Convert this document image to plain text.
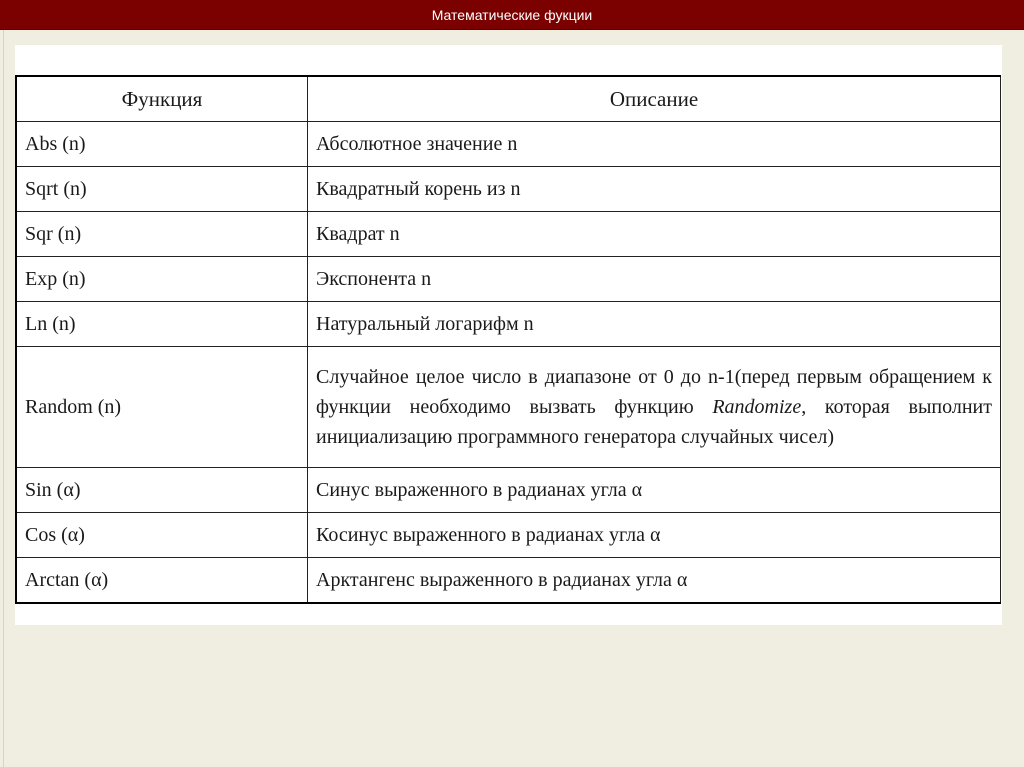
Математические фукции
Функция	Описание
Abs (n)	Абсолютное значение n
Sqrt (n)	Квадратный корень из n
Sqr (n)	Квадрат n
Exp (n)	Экспонента n
Ln (n)	Натуральный логарифм n
Random (n)	Случайное целое число в диапазоне от 0 до n-1(перед первым обращением к функции необходимо вызвать функцию Randomize, которая выполнит инициализацию программного генератора случайных чисел)
Sin (α)	Синус выраженного в радианах угла α
Cos (α)	Косинус выраженного в радианах угла α
Arctan (α)	Арктангенс выраженного в радианах угла α
